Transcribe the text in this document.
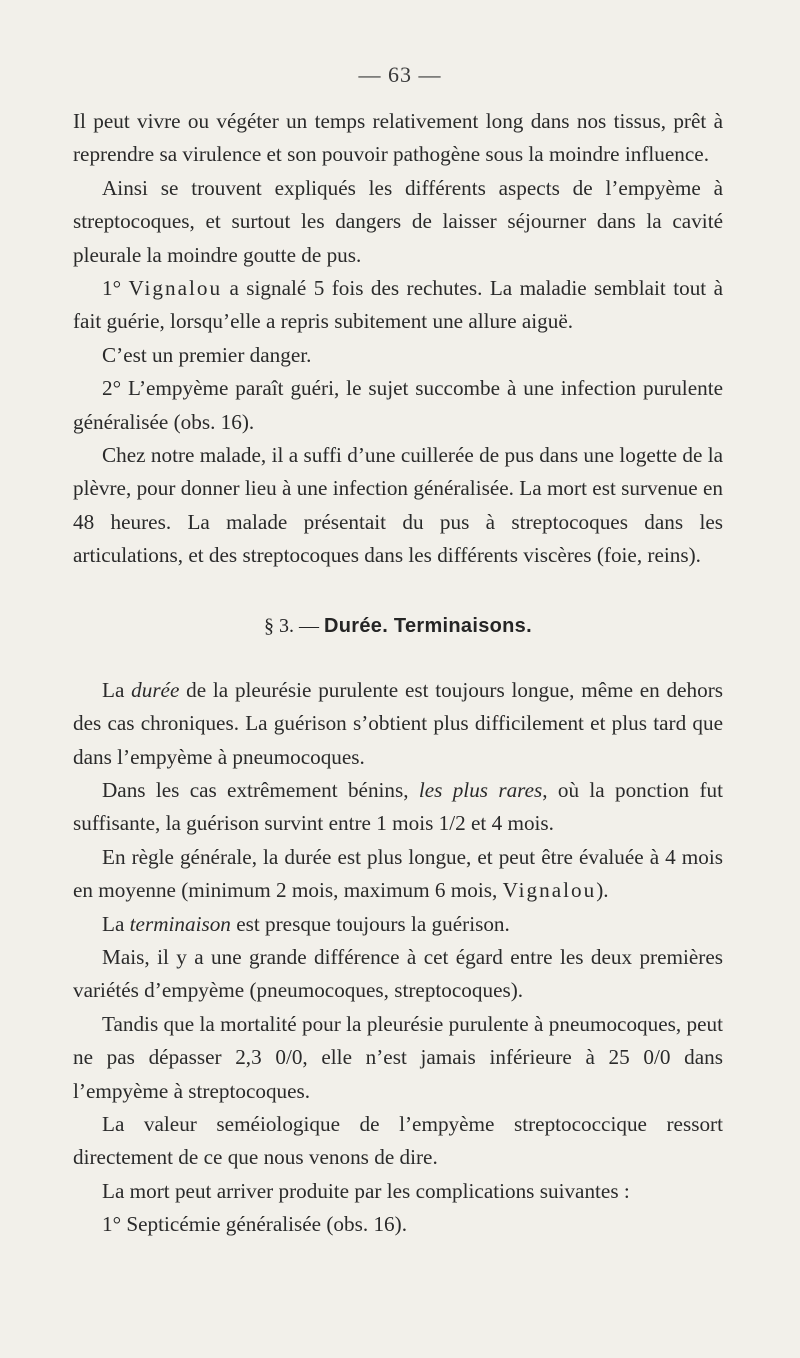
— 63 —

Il peut vivre ou végéter un temps relativement long dans nos tissus, prêt à reprendre sa virulence et son pouvoir pathogène sous la moindre influence.

Ainsi se trouvent expliqués les différents aspects de l’empyème à streptocoques, et surtout les dangers de laisser séjourner dans la cavité pleurale la moindre goutte de pus.

1° Vignalou a signalé 5 fois des rechutes. La maladie semblait tout à fait guérie, lorsqu’elle a repris subitement une allure aiguë.

C’est un premier danger.

2° L’empyème paraît guéri, le sujet succombe à une infection purulente généralisée (obs. 16).

Chez notre malade, il a suffi d’une cuillerée de pus dans une logette de la plèvre, pour donner lieu à une infection généralisée. La mort est survenue en 48 heures. La malade présentait du pus à streptocoques dans les articulations, et des streptocoques dans les différents viscères (foie, reins).

§ 3. — Durée. Terminaisons.

La durée de la pleurésie purulente est toujours longue, même en dehors des cas chroniques. La guérison s’obtient plus difficilement et plus tard que dans l’empyème à pneumocoques.

Dans les cas extrêmement bénins, les plus rares, où la ponction fut suffisante, la guérison survint entre 1 mois 1/2 et 4 mois.

En règle générale, la durée est plus longue, et peut être évaluée à 4 mois en moyenne (minimum 2 mois, maximum 6 mois, Vignalou).

La terminaison est presque toujours la guérison.

Mais, il y a une grande différence à cet égard entre les deux premières variétés d’empyème (pneumocoques, streptocoques).

Tandis que la mortalité pour la pleurésie purulente à pneumocoques, peut ne pas dépasser 2,3 0/0, elle n’est jamais inférieure à 25 0/0 dans l’empyème à streptocoques.

La valeur seméiologique de l’empyème streptococcique ressort directement de ce que nous venons de dire.

La mort peut arriver produite par les complications suivantes :

1° Septicémie généralisée (obs. 16).
